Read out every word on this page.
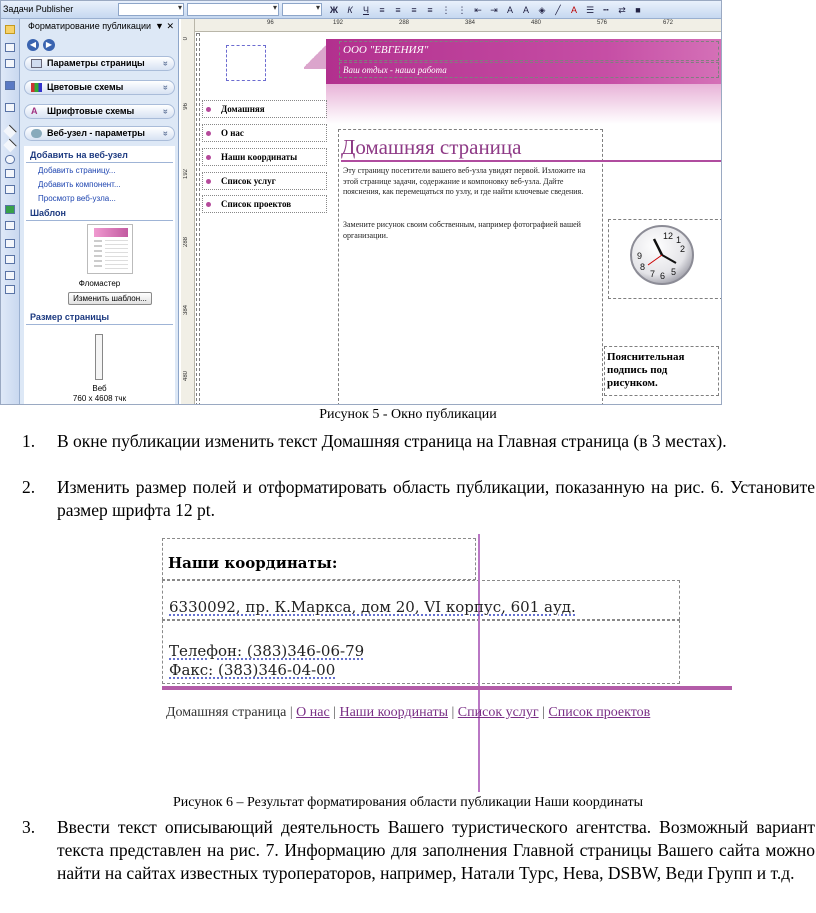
Задачи Publisher ▾ ▾ ▾	Ж К Ч ≡ ≡ ≡ ≡ ⋮ ⋮ ⇤ ⇥ A A ◈ ╱ A ☰ ┅ ⇄ ■
Форматирование публикации ▼ ✕
◀	▶
Параметры страницы »
Цветовые схемы »
A	Шрифтовые схемы »
Веб-узел - параметры »
Добавить на веб-узел
Добавить страницу...
Добавить компонент...
Просмотр веб-узла...
Шаблон
Фломастер
Изменить шаблон...
Размер страницы
Веб
760 x 4608 тчк
96	192	288	384	480	576	672
0
96
192
288
384
480
ООО "ЕВГЕНИЯ"
Ваш отдых - наша работа
Домашняя
О нас
Наши координаты
Список услуг
Список проектов
Домашняя страница
Эту страницу посетители вашего веб-узла увидят первой. Изложите на этой странице задачи, содержание и компоновку веб-узла. Дайте пояснения, как перемещаться по узлу, и где найти ключевые сведения.
Замените рисунок своим собственным, например фотографией вашей организации.	12 1
2
9
8
7 6 5
Пояснительная подпись под рисунком.
Рисунок 5 - Окно публикации
1. В окне публикации изменить текст Домашняя страница на Главная страница (в 3 местах).
2. Изменить размер полей и отформатировать область публикации, показанную на рис. 6. Установите размер шрифта 12 pt.
Наши координаты:
6330092, пр. К.Маркса, дом 20, VI корпус, 601 ауд.
Телефон: (383)346-06-79
Факс: (383)346-04-00
Домашняя страница | О нас | Наши координаты | Список услуг | Список проектов
Рисунок 6 – Результат форматирования области публикации Наши координаты
3. Ввести текст описывающий деятельность Вашего туристического агентства. Возможный вариант текста представлен на рис. 7. Информацию для заполнения Главной страницы Вашего сайта можно найти на сайтах известных туроператоров, например, Натали Турс, Нева, DSBW, Веди Групп и т.д.
